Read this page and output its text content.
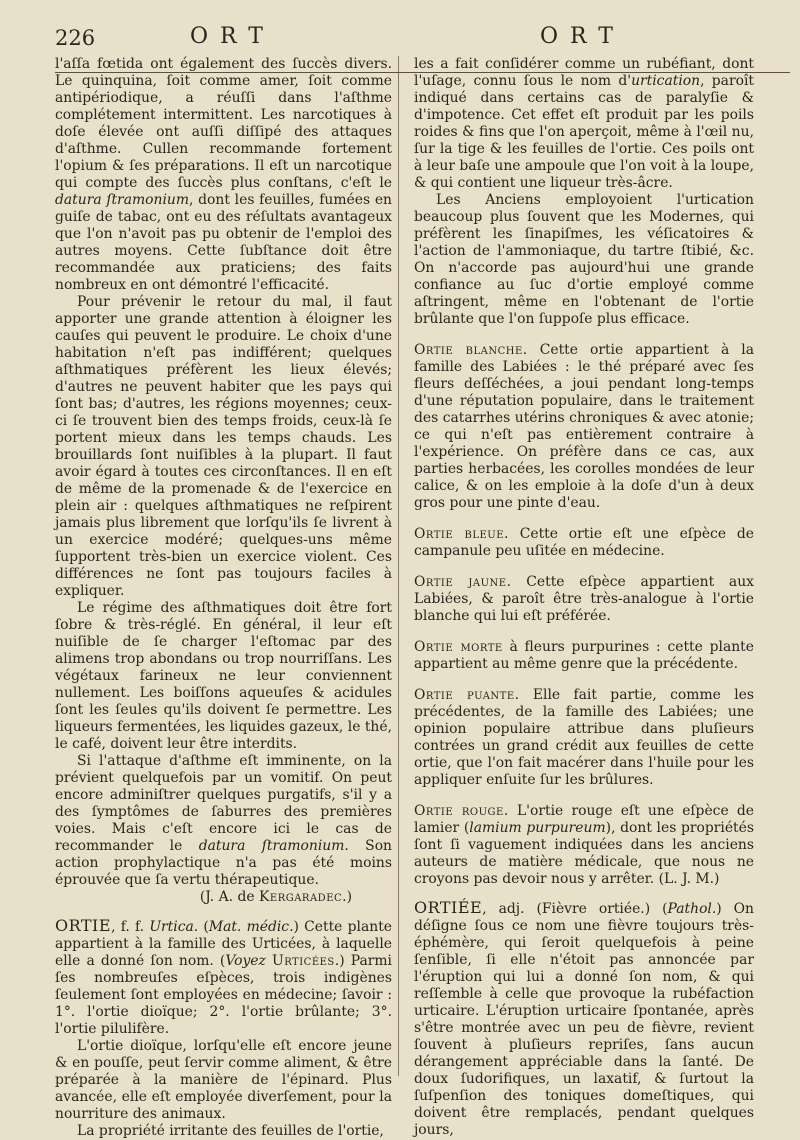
226	ORT	ORT

l'aſſa fœtida ont également des ſuccès divers. Le quinquina, ſoit comme amer, ſoit comme antipériodique, a réuſſi dans l'aſthme complétement intermittent. Les narcotiques à doſe élevée ont auſſi diſſipé des attaques d'aſthme. Cullen recommande fortement l'opium & ſes préparations. Il eſt un narcotique qui compte des ſuccès plus conſtans, c'eſt le datura ſtramonium, dont les feuilles, fumées en guiſe de tabac, ont eu des réſultats avantageux que l'on n'avoit pas pu obtenir de l'emploi des autres moyens. Cette ſubſtance doit être recommandée aux praticiens; des faits nombreux en ont démontré l'efficacité.

Pour prévenir le retour du mal, il faut apporter une grande attention à éloigner les cauſes qui peuvent le produire. Le choix d'une habitation n'eſt pas indifférent; quelques aſthmatiques préfèrent les lieux élevés; d'autres ne peuvent habiter que les pays qui ſont bas; d'autres, les régions moyennes; ceux-ci ſe trouvent bien des temps froids, ceux-là ſe portent mieux dans les temps chauds. Les brouillards ſont nuiſibles à la plupart. Il faut avoir égard à toutes ces circonſtances. Il en eſt de même de la promenade & de l'exercice en plein air : quelques aſthmatiques ne reſpirent jamais plus librement que lorſqu'ils ſe livrent à un exercice modéré; quelques-uns même ſupportent très-bien un exercice violent. Ces différences ne ſont pas toujours faciles à expliquer.

Le régime des aſthmatiques doit être fort ſobre & très-réglé. En général, il leur eſt nuiſible de ſe charger l'eſtomac par des alimens trop abondans ou trop nourriſſans. Les végétaux farineux ne leur conviennent nullement. Les boiſſons aqueuſes & acidules ſont les ſeules qu'ils doivent ſe permettre. Les liqueurs fermentées, les liquides gazeux, le thé, le café, doivent leur être interdits.

Si l'attaque d'aſthme eſt imminente, on la prévient quelquefois par un vomitif. On peut encore adminiſtrer quelques purgatifs, s'il y a des ſymptômes de ſaburres des premières voies. Mais c'eſt encore ici le cas de recommander le datura ſtramonium. Son action prophylactique n'a pas été moins éprouvée que ſa vertu thérapeutique.

(J. A. de Kergaradec.)

ORTIE, f. f. Urtica. (Mat. médic.) Cette plante appartient à la famille des Urticées, à laquelle elle a donné ſon nom. (Voyez Urticées.) Parmi ſes nombreuſes eſpèces, trois indigènes ſeulement ſont employées en médecine; ſavoir : 1°. l'ortie dioïque; 2°. l'ortie brûlante; 3°. l'ortie pilulifère.

L'ortie dioïque, lorſqu'elle eſt encore jeune & en pouſſe, peut ſervir comme aliment, & être préparée à la manière de l'épinard. Plus avancée, elle eſt employée diverſement, pour la nourriture des animaux.

La propriété irritante des feuilles de l'ortie,

les a fait conſidérer comme un rubéfiant, dont l'uſage, connu ſous le nom d'urtication, paroît indiqué dans certains cas de paralyſie & d'impotence. Cet effet eſt produit par les poils roides & fins que l'on aperçoit, même à l'œil nu, ſur la tige & les feuilles de l'ortie. Ces poils ont à leur baſe une ampoule que l'on voit à la loupe, & qui contient une liqueur très-âcre.

Les Anciens employoient l'urtication beaucoup plus ſouvent que les Modernes, qui préfèrent les ſinapiſmes, les véſicatoires & l'action de l'ammoniaque, du tartre ſtibié, &c. On n'accorde pas aujourd'hui une grande confiance au ſuc d'ortie employé comme aſtringent, même en l'obtenant de l'ortie brûlante que l'on ſuppoſe plus efficace.

Ortie blanche. Cette ortie appartient à la famille des Labiées : le thé préparé avec ſes fleurs deſſéchées, a joui pendant long-temps d'une réputation populaire, dans le traitement des catarrhes utérins chroniques & avec atonie; ce qui n'eſt pas entièrement contraire à l'expérience. On préfère dans ce cas, aux parties herbacées, les corolles mondées de leur calice, & on les emploie à la doſe d'un à deux gros pour une pinte d'eau.

Ortie bleue. Cette ortie eſt une eſpèce de campanule peu uſitée en médecine.

Ortie jaune. Cette eſpèce appartient aux Labiées, & paroît être très-analogue à l'ortie blanche qui lui eſt préférée.

Ortie morte à fleurs purpurines : cette plante appartient au même genre que la précédente.

Ortie puante. Elle fait partie, comme les précédentes, de la famille des Labiées; une opinion populaire attribue dans pluſieurs contrées un grand crédit aux feuilles de cette ortie, que l'on fait macérer dans l'huile pour les appliquer enſuite ſur les brûlures.

Ortie rouge. L'ortie rouge eſt une eſpèce de lamier (lamium purpureum), dont les propriétés ſont ſi vaguement indiquées dans les anciens auteurs de matière médicale, que nous ne croyons pas devoir nous y arrêter. (L. J. M.)

ORTIÉE, adj. (Fièvre ortiée.) (Pathol.) On déſigne ſous ce nom une fièvre toujours très-éphémère, qui ſeroit quelquefois à peine ſenſible, ſi elle n'étoit pas annoncée par l'éruption qui lui a donné ſon nom, & qui reſſemble à celle que provoque la rubéfaction urticaire. L'éruption urticaire ſpontanée, après s'être montrée avec un peu de fièvre, revient ſouvent à pluſieurs repriſes, ſans aucun dérangement appréciable dans la ſanté. De doux ſudorifiques, un laxatif, & ſurtout la ſuſpenſion des toniques domeſtiques, qui doivent être remplacés, pendant quelques jours,
